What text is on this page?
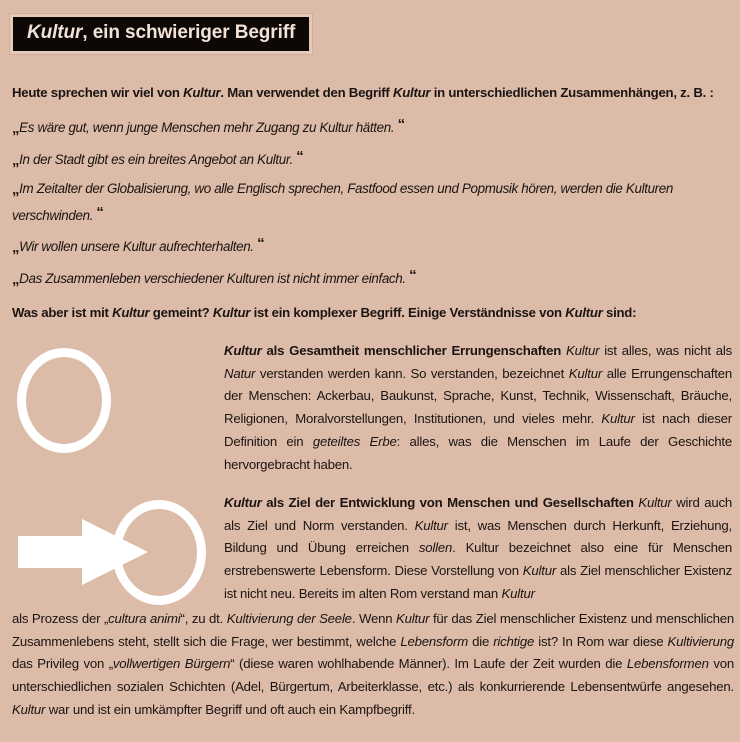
Kultur, ein schwieriger Begriff
Heute sprechen wir viel von Kultur. Man verwendet den Begriff Kultur in unterschiedlichen Zusammenhängen, z. B. :
„Es wäre gut, wenn junge Menschen mehr Zugang zu Kultur hätten. “
„In der Stadt gibt es ein breites Angebot an Kultur. “
„Im Zeitalter der Globalisierung, wo alle Englisch sprechen, Fastfood essen und Popmusik hören, werden die Kulturen verschwinden. “
„Wir wollen unsere Kultur aufrechterhalten. “
„Das Zusammenleben verschiedener Kulturen ist nicht immer einfach. “
Was aber ist mit Kultur gemeint? Kultur ist ein komplexer Begriff. Einige Verständnisse von Kultur sind:
Kultur als Gesamtheit menschlicher Errungenschaften Kultur ist alles, was nicht als Natur verstanden werden kann. So verstanden, bezeichnet Kultur alle Errungenschaften der Menschen: Ackerbau, Baukunst, Sprache, Kunst, Technik, Wissenschaft, Bräuche, Religionen, Moralvorstellungen, Institutionen, und vieles mehr. Kultur ist nach dieser Definition ein geteiltes Erbe: alles, was die Menschen im Laufe der Geschichte hervorgebracht haben.
Kultur als Ziel der Entwicklung von Menschen und Gesellschaften Kultur wird auch als Ziel und Norm verstanden. Kultur ist, was Menschen durch Herkunft, Erziehung, Bildung und Übung erreichen sollen. Kultur bezeichnet also eine für Menschen erstrebenswerte Lebensform. Diese Vorstellung von Kultur als Ziel menschlicher Existenz ist nicht neu. Bereits im alten Rom verstand man Kultur
als Prozess der „cultura animi“, zu dt. Kultivierung der Seele. Wenn Kultur für das Ziel menschlicher Existenz und menschlichen Zusammenlebens steht, stellt sich die Frage, wer bestimmt, welche Lebensform die richtige ist? In Rom war diese Kultivierung das Privileg von „vollwertigen Bürgern“ (diese waren wohlhabende Männer). Im Laufe der Zeit wurden die Lebensformen von unterschiedlichen sozialen Schichten (Adel, Bürgertum, Arbeiterklasse, etc.) als konkurrierende Lebensentwürfe angesehen. Kultur war und ist ein umkämpfter Begriff und oft auch ein Kampfbegriff.
